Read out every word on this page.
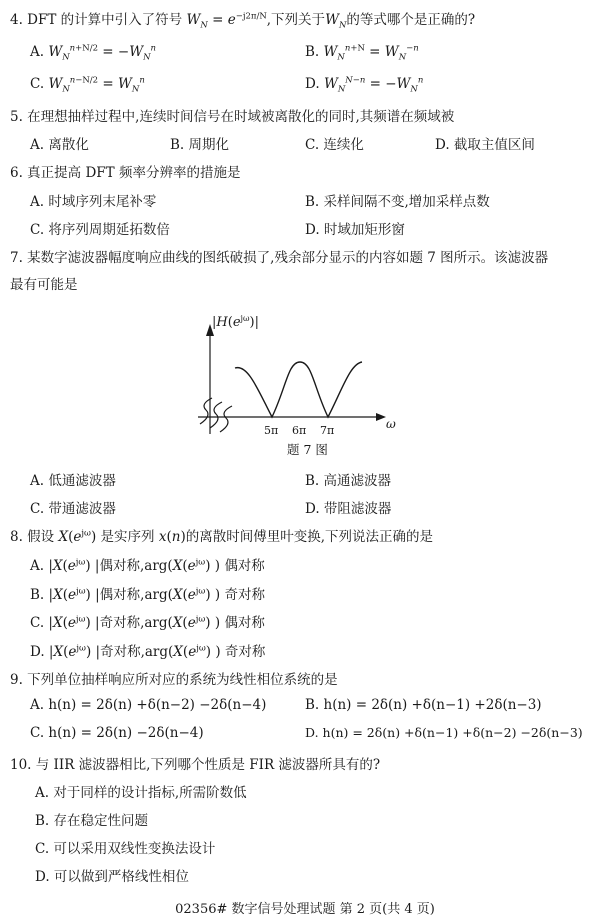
4. DFT 的计算中引入了符号 $W_N = e^{-j2\pi/N}$,下列关于$W_N$的等式哪个是正确的?
A. $W_N^{n+N/2} = -W_N^n$	B. $W_N^{n+N} = W_N^{-n}$
C. $W_N^{n-N/2} = W_N^n$	D. $W_N^{N-n} = -W_N^n$
5. 在理想抽样过程中,连续时间信号在时域被离散化的同时,其频谱在频域被
A. 离散化	B. 周期化	C. 连续化	D. 截取主值区间
6. 真正提高 DFT 频率分辨率的措施是
A. 时域序列末尾补零	B. 采样间隔不变,增加采样点数
C. 将序列周期延拓数倍	D. 时域加矩形窗
7. 某数字滤波器幅度响应曲线的图纸破损了,残余部分显示的内容如题 7 图所示。该滤波器
最有可能是
$|H(e^{j\omega})|$
5π 6π 7π	ω
题 7 图
A. 低通滤波器	B. 高通滤波器
C. 带通滤波器	D. 带阻滤波器
8. 假设 $X(e^{j\omega})$ 是实序列 x(n)的离散时间傅里叶变换,下列说法正确的是
A. $|X(e^{j\omega})$ |偶对称$,arg(X(e^{j\omega})$ ) 偶对称
B. $|X(e^{j\omega})$ |偶对称$,arg(X(e^{j\omega})$ ) 奇对称
C. $|X(e^{j\omega})$ |奇对称$,arg(X(e^{j\omega})$ ) 偶对称
D. $|X(e^{j\omega})$ |奇对称$,arg(X(e^{j\omega})$ ) 奇对称
9. 下列单位抽样响应所对应的系统为线性相位系统的是
A. h(n) = 2δ(n) +δ(n−2) −2δ(n−4)	B. h(n) = 2δ(n) +δ(n−1) +2δ(n−3)
C. h(n) = 2δ(n) −2δ(n−4)	D. h(n) = 2δ(n) +δ(n−1) +δ(n−2) −2δ(n−3)
10. 与 IIR 滤波器相比,下列哪个性质是 FIR 滤波器所具有的?
A. 对于同样的设计指标,所需阶数低
B. 存在稳定性问题
C. 可以采用双线性变换法设计
D. 可以做到严格线性相位
02356# 数字信号处理试题 第 2 页(共 4 页)
